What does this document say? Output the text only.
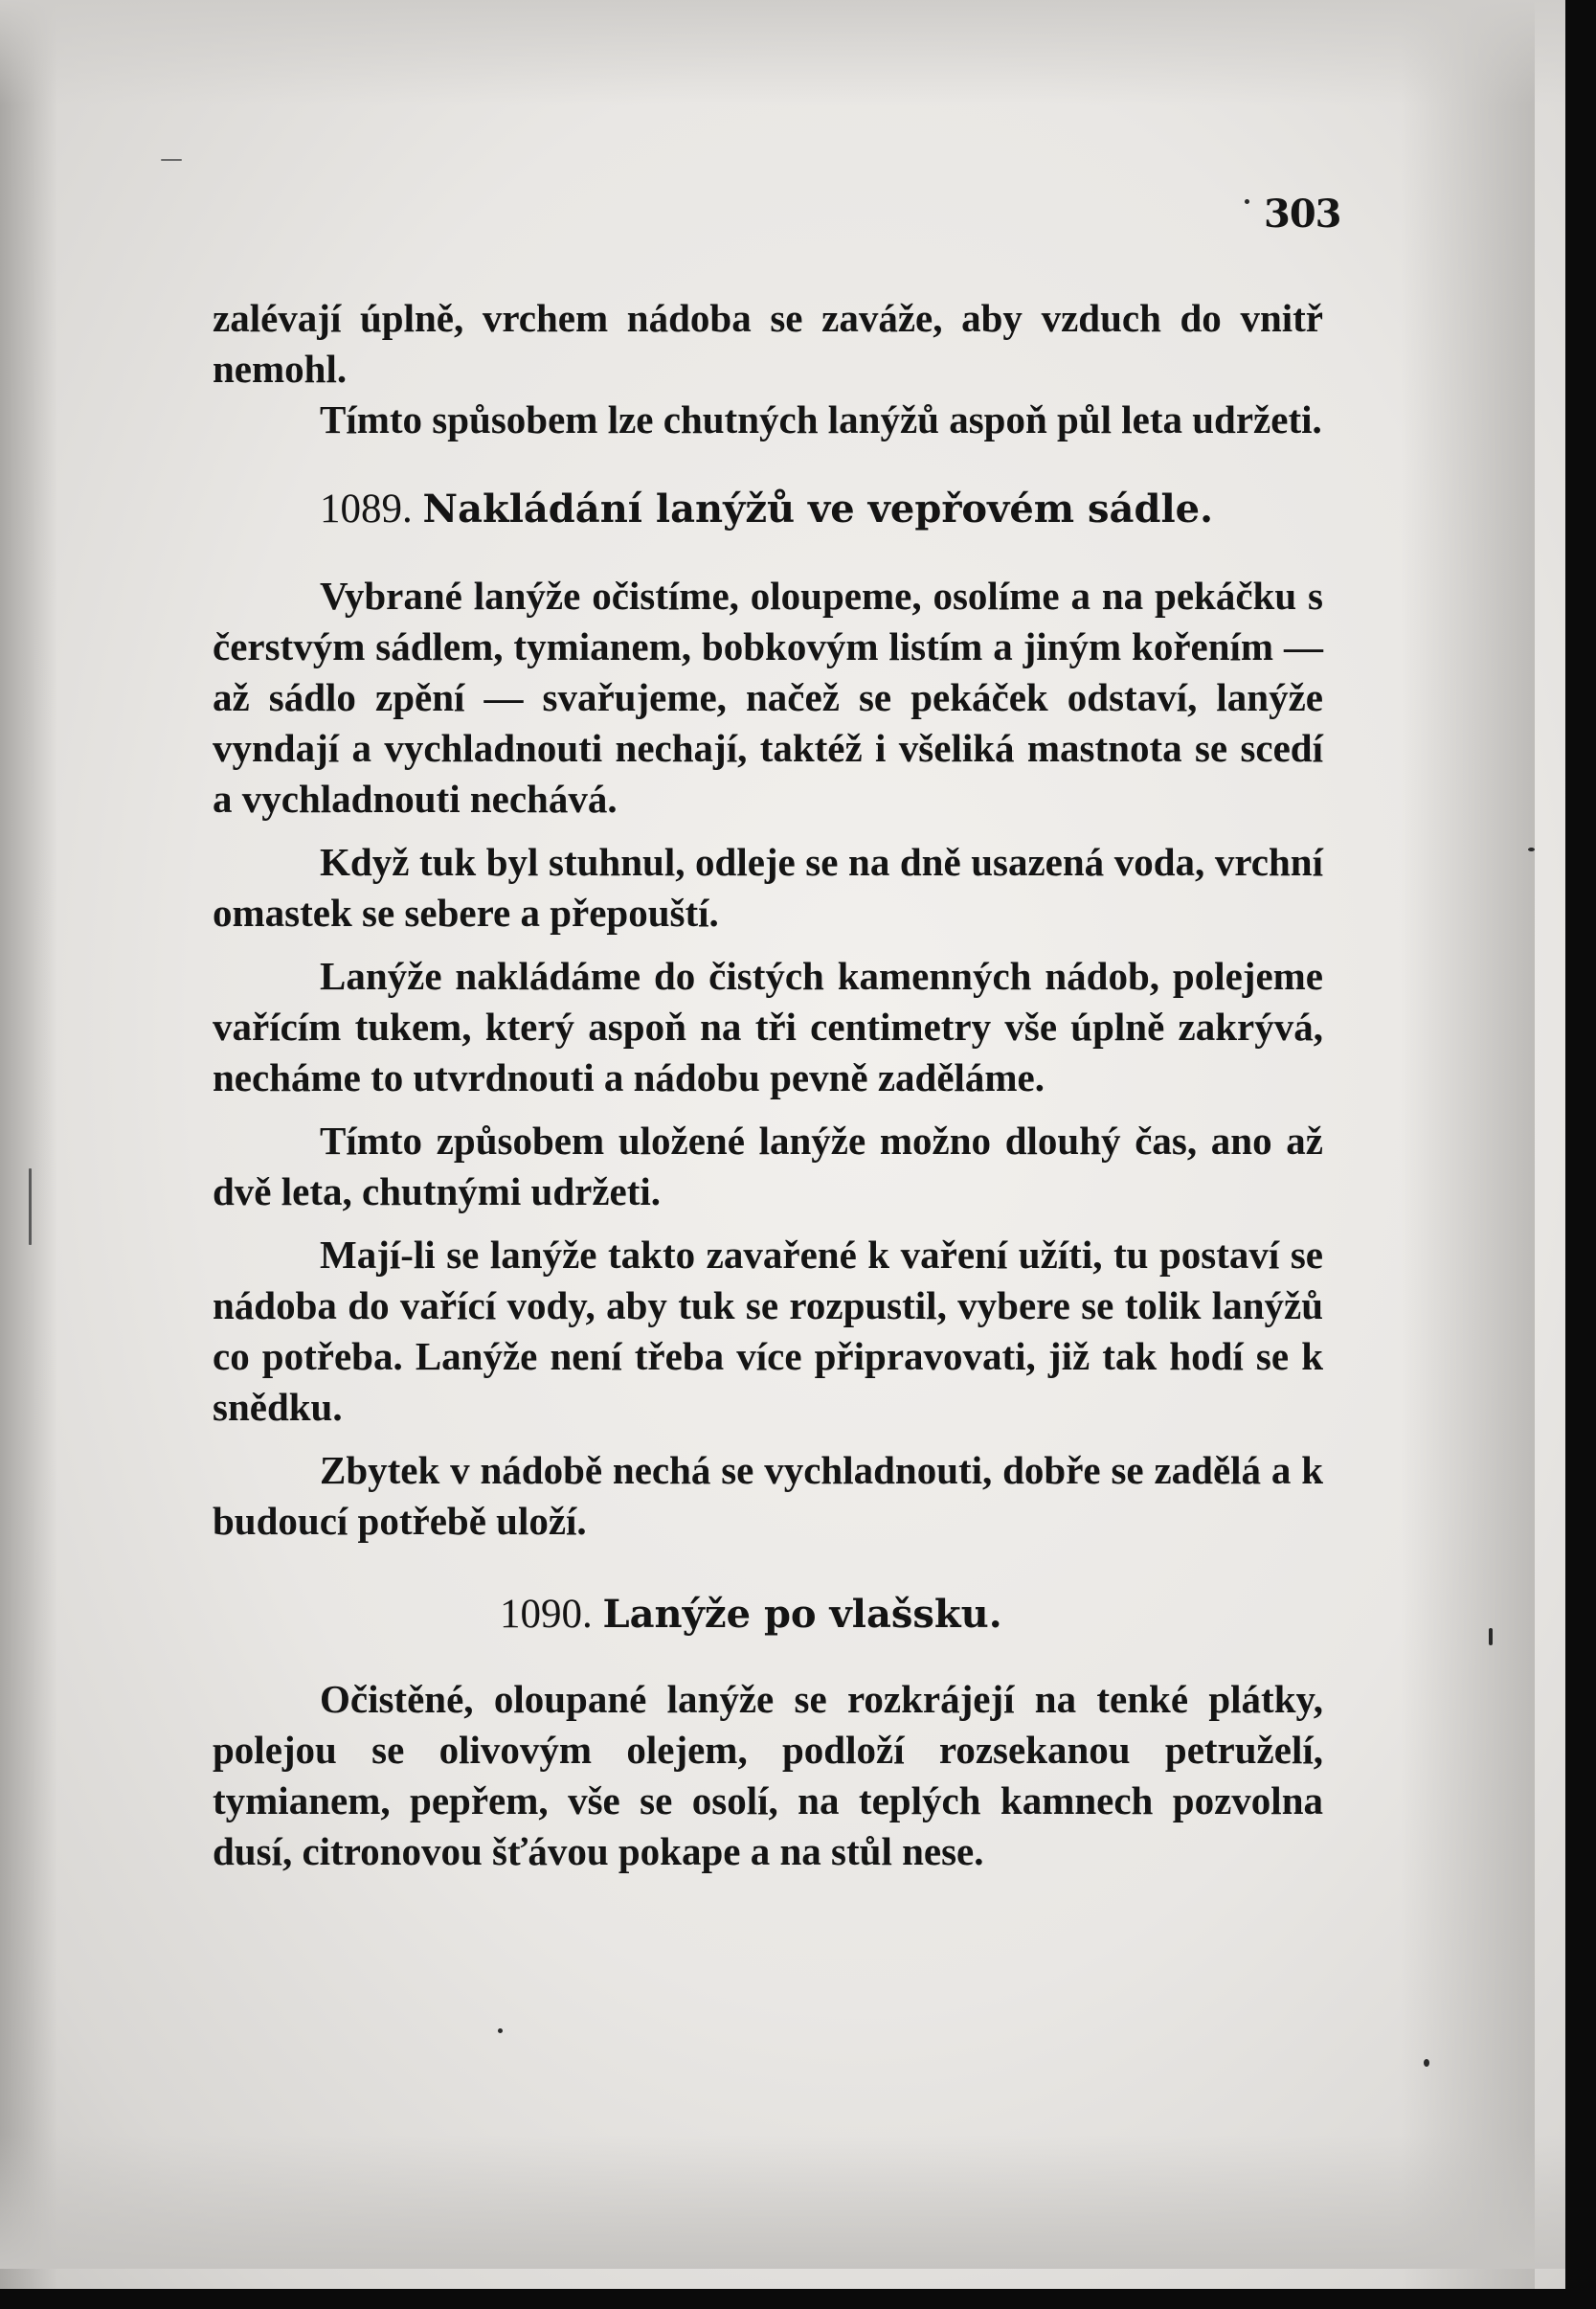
303
zalévají úplně, vrchem nádoba se zaváže, aby vzduch do vnitř nemohl.

Tímto spůsobem lze chutných lanýžů aspoň půl leta udržeti.

1089. Nakládání lanýžů ve vepřovém sádle.

Vybrané lanýže očistíme, oloupeme, osolíme a na pekáčku s čerstvým sádlem, tymianem, bobkovým listím a jiným kořením — až sádlo zpění — svařujeme, načež se pekáček odstaví, lanýže vyndají a vychladnouti nechají, taktéž i všeliká mastnota se scedí a vychladnouti nechává.

Když tuk byl stuhnul, odleje se na dně usazená voda, vrchní omastek se sebere a přepouští.

Lanýže nakládáme do čistých kamenných nádob, polejeme vařícím tukem, který aspoň na tři centimetry vše úplně zakrývá, necháme to utvrdnouti a nádobu pevně zaděláme.

Tímto způsobem uložené lanýže možno dlouhý čas, ano až dvě leta, chutnými udržeti.

Mají-li se lanýže takto zavařené k vaření užíti, tu postaví se nádoba do vařící vody, aby tuk se rozpustil, vybere se tolik lanýžů co potřeba. Lanýže není třeba více připravovati, již tak hodí se k snědku.

Zbytek v nádobě nechá se vychladnouti, dobře se zadělá a k budoucí potřebě uloží.

1090. Lanýže po vlašsku.

Očistěné, oloupané lanýže se rozkrájejí na tenké plátky, polejou se olivovým olejem, podloží rozsekanou petruželí, tymianem, pepřem, vše se osolí, na teplých kamnech pozvolna dusí, citronovou šťávou pokape a na stůl nese.
